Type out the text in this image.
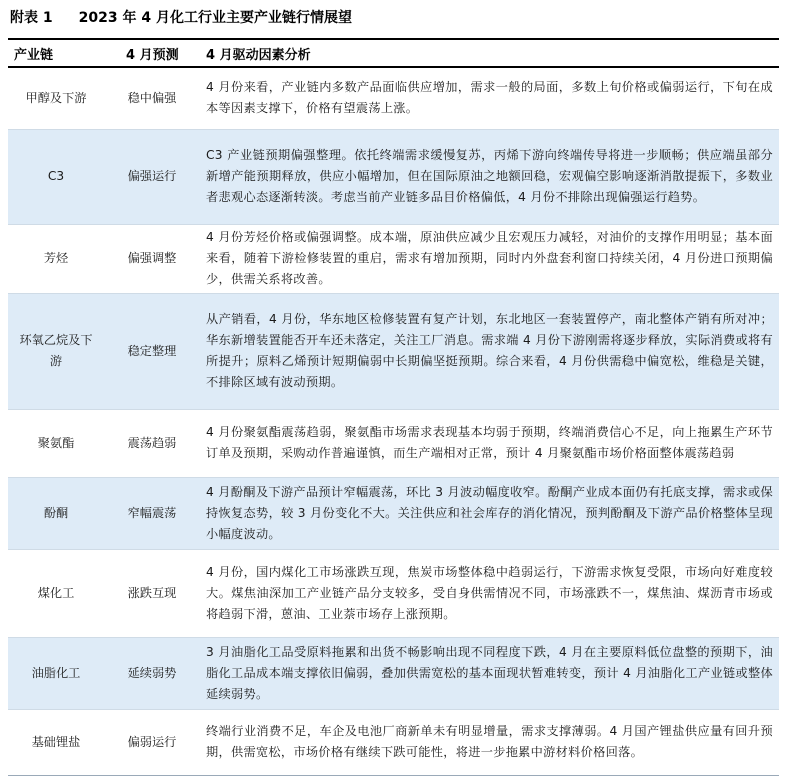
附表 1 2023 年 4 月化工行业主要产业链行情展望
产业链	4 月预测	4 月驱动因素分析
甲醇及下游	稳中偏强	4 月份来看，产业链内多数产品面临供应增加，需求一般的局面，多数上旬价格或偏弱运行，下旬在成本等因素支撑下，价格有望震荡上涨。
C3	偏强运行	C3 产业链预期偏强整理。依托终端需求缓慢复苏，丙烯下游向终端传导将进一步顺畅；供应端虽部分新增产能预期释放，供应小幅增加，但在国际原油之地额回稳，宏观偏空影响逐渐消散提振下，多数业者悲观心态逐渐转淡。考虑当前产业链多品目价格偏低，4 月份不排除出现偏强运行趋势。
芳烃	偏强调整	4 月份芳烃价格或偏强调整。成本端，原油供应减少且宏观压力减轻，对油价的支撑作用明显；基本面来看，随着下游检修装置的重启，需求有增加预期，同时内外盘套利窗口持续关闭，4 月份进口预期偏少，供需关系将改善。
环氧乙烷及下游	稳定整理	从产销看，4 月份，华东地区检修装置有复产计划，东北地区一套装置停产，南北整体产销有所对冲；华东新增装置能否开车还未落定，关注工厂消息。需求端 4 月份下游刚需将逐步释放，实际消费或将有所提升；原料乙烯预计短期偏弱中长期偏坚挺预期。综合来看，4 月份供需稳中偏宽松，维稳是关键，不排除区域有波动预期。
聚氨酯	震荡趋弱	4 月份聚氨酯震荡趋弱，聚氨酯市场需求表现基本均弱于预期，终端消费信心不足，向上拖累生产环节订单及预期，采购动作普遍谨慎，而生产端相对正常，预计 4 月聚氨酯市场价格面整体震荡趋弱
酚酮	窄幅震荡	4 月酚酮及下游产品预计窄幅震荡，环比 3 月波动幅度收窄。酚酮产业成本面仍有托底支撑，需求或保持恢复态势，较 3 月份变化不大。关注供应和社会库存的消化情况，预判酚酮及下游产品价格整体呈现小幅度波动。
煤化工	涨跌互现	4 月份，国内煤化工市场涨跌互现，焦炭市场整体稳中趋弱运行，下游需求恢复受限，市场向好难度较大。煤焦油深加工产业链产品分支较多，受自身供需情况不同，市场涨跌不一，煤焦油、煤沥青市场或将趋弱下滑，蒽油、工业萘市场存上涨预期。
油脂化工	延续弱势	3 月油脂化工品受原料拖累和出货不畅影响出现不同程度下跌，4 月在主要原料低位盘整的预期下，油脂化工品成本端支撑依旧偏弱，叠加供需宽松的基本面现状暂难转变，预计 4 月油脂化工产业链或整体延续弱势。
基础锂盐	偏弱运行	终端行业消费不足，车企及电池厂商新单未有明显增量，需求支撑薄弱。4 月国产锂盐供应量有回升预期，供需宽松，市场价格有继续下跌可能性，将进一步拖累中游材料价格回落。
